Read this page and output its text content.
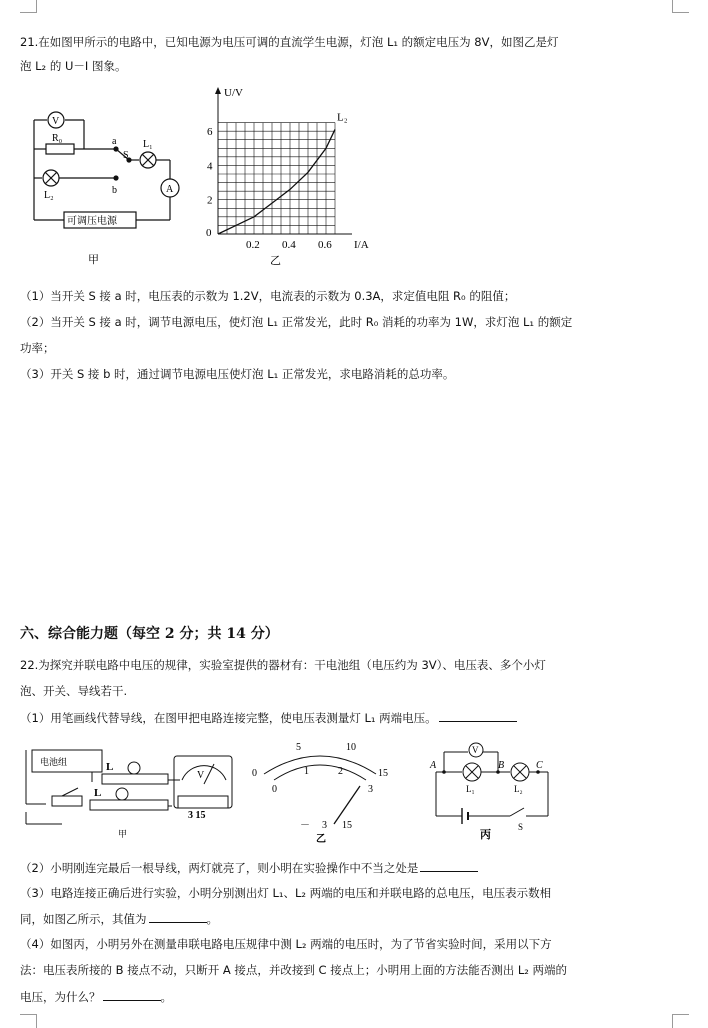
21.在如图甲所示的电路中，已知电源为电压可调的直流学生电源，灯泡 L₁ 的额定电压为 8V，如图乙是灯
泡 L₂ 的 U－I 图象。
V
R₀	a
b
S
L₁
L₂
A
可调压电源
甲
0.2 0.4 0.6
2
4
6
U/V
I/A
0
L₂
乙
（1）当开关 S 接 a 时，电压表的示数为 1.2V，电流表的示数为 0.3A，求定值电阻 R₀ 的阻值；
（2）当开关 S 接 a 时，调节电源电压，使灯泡 L₁ 正常发光，此时 R₀ 消耗的功率为 1W，求灯泡 L₁ 的额定
功率；
（3）开关 S 接 b 时，通过调节电源电压使灯泡 L₁ 正常发光，求电路消耗的总功率。
六、综合能力题（每空 2 分；共 14 分）
22.为探究并联电路中电压的规律，实验室提供的器材有：干电池组（电压约为 3V）、电压表、多个小灯
泡、开关、导线若干.
（1）用笔画线代替导线，在图甲把电路连接完整，使电压表测量灯 L₁ 两端电压。
电池组	L
L
V
3 15
甲
0
5	10
15
0
1	2
3
－ 3 15
乙
A	B	C
V
L₁	L₂
S
丙
（2）小明刚连完最后一根导线，两灯就亮了，则小明在实验操作中不当之处是
（3）电路连接正确后进行实验，小明分别测出灯 L₁、L₂ 两端的电压和并联电路的总电压，电压表示数相
同，如图乙所示，其值为	。
（4）如图丙，小明另外在测量串联电路电压规律中测 L₂ 两端的电压时，为了节省实验时间，采用以下方
法：电压表所接的 B 接点不动，只断开 A 接点，并改接到 C 接点上；小明用上面的方法能否测出 L₂ 两端的
电压，为什么？	。
